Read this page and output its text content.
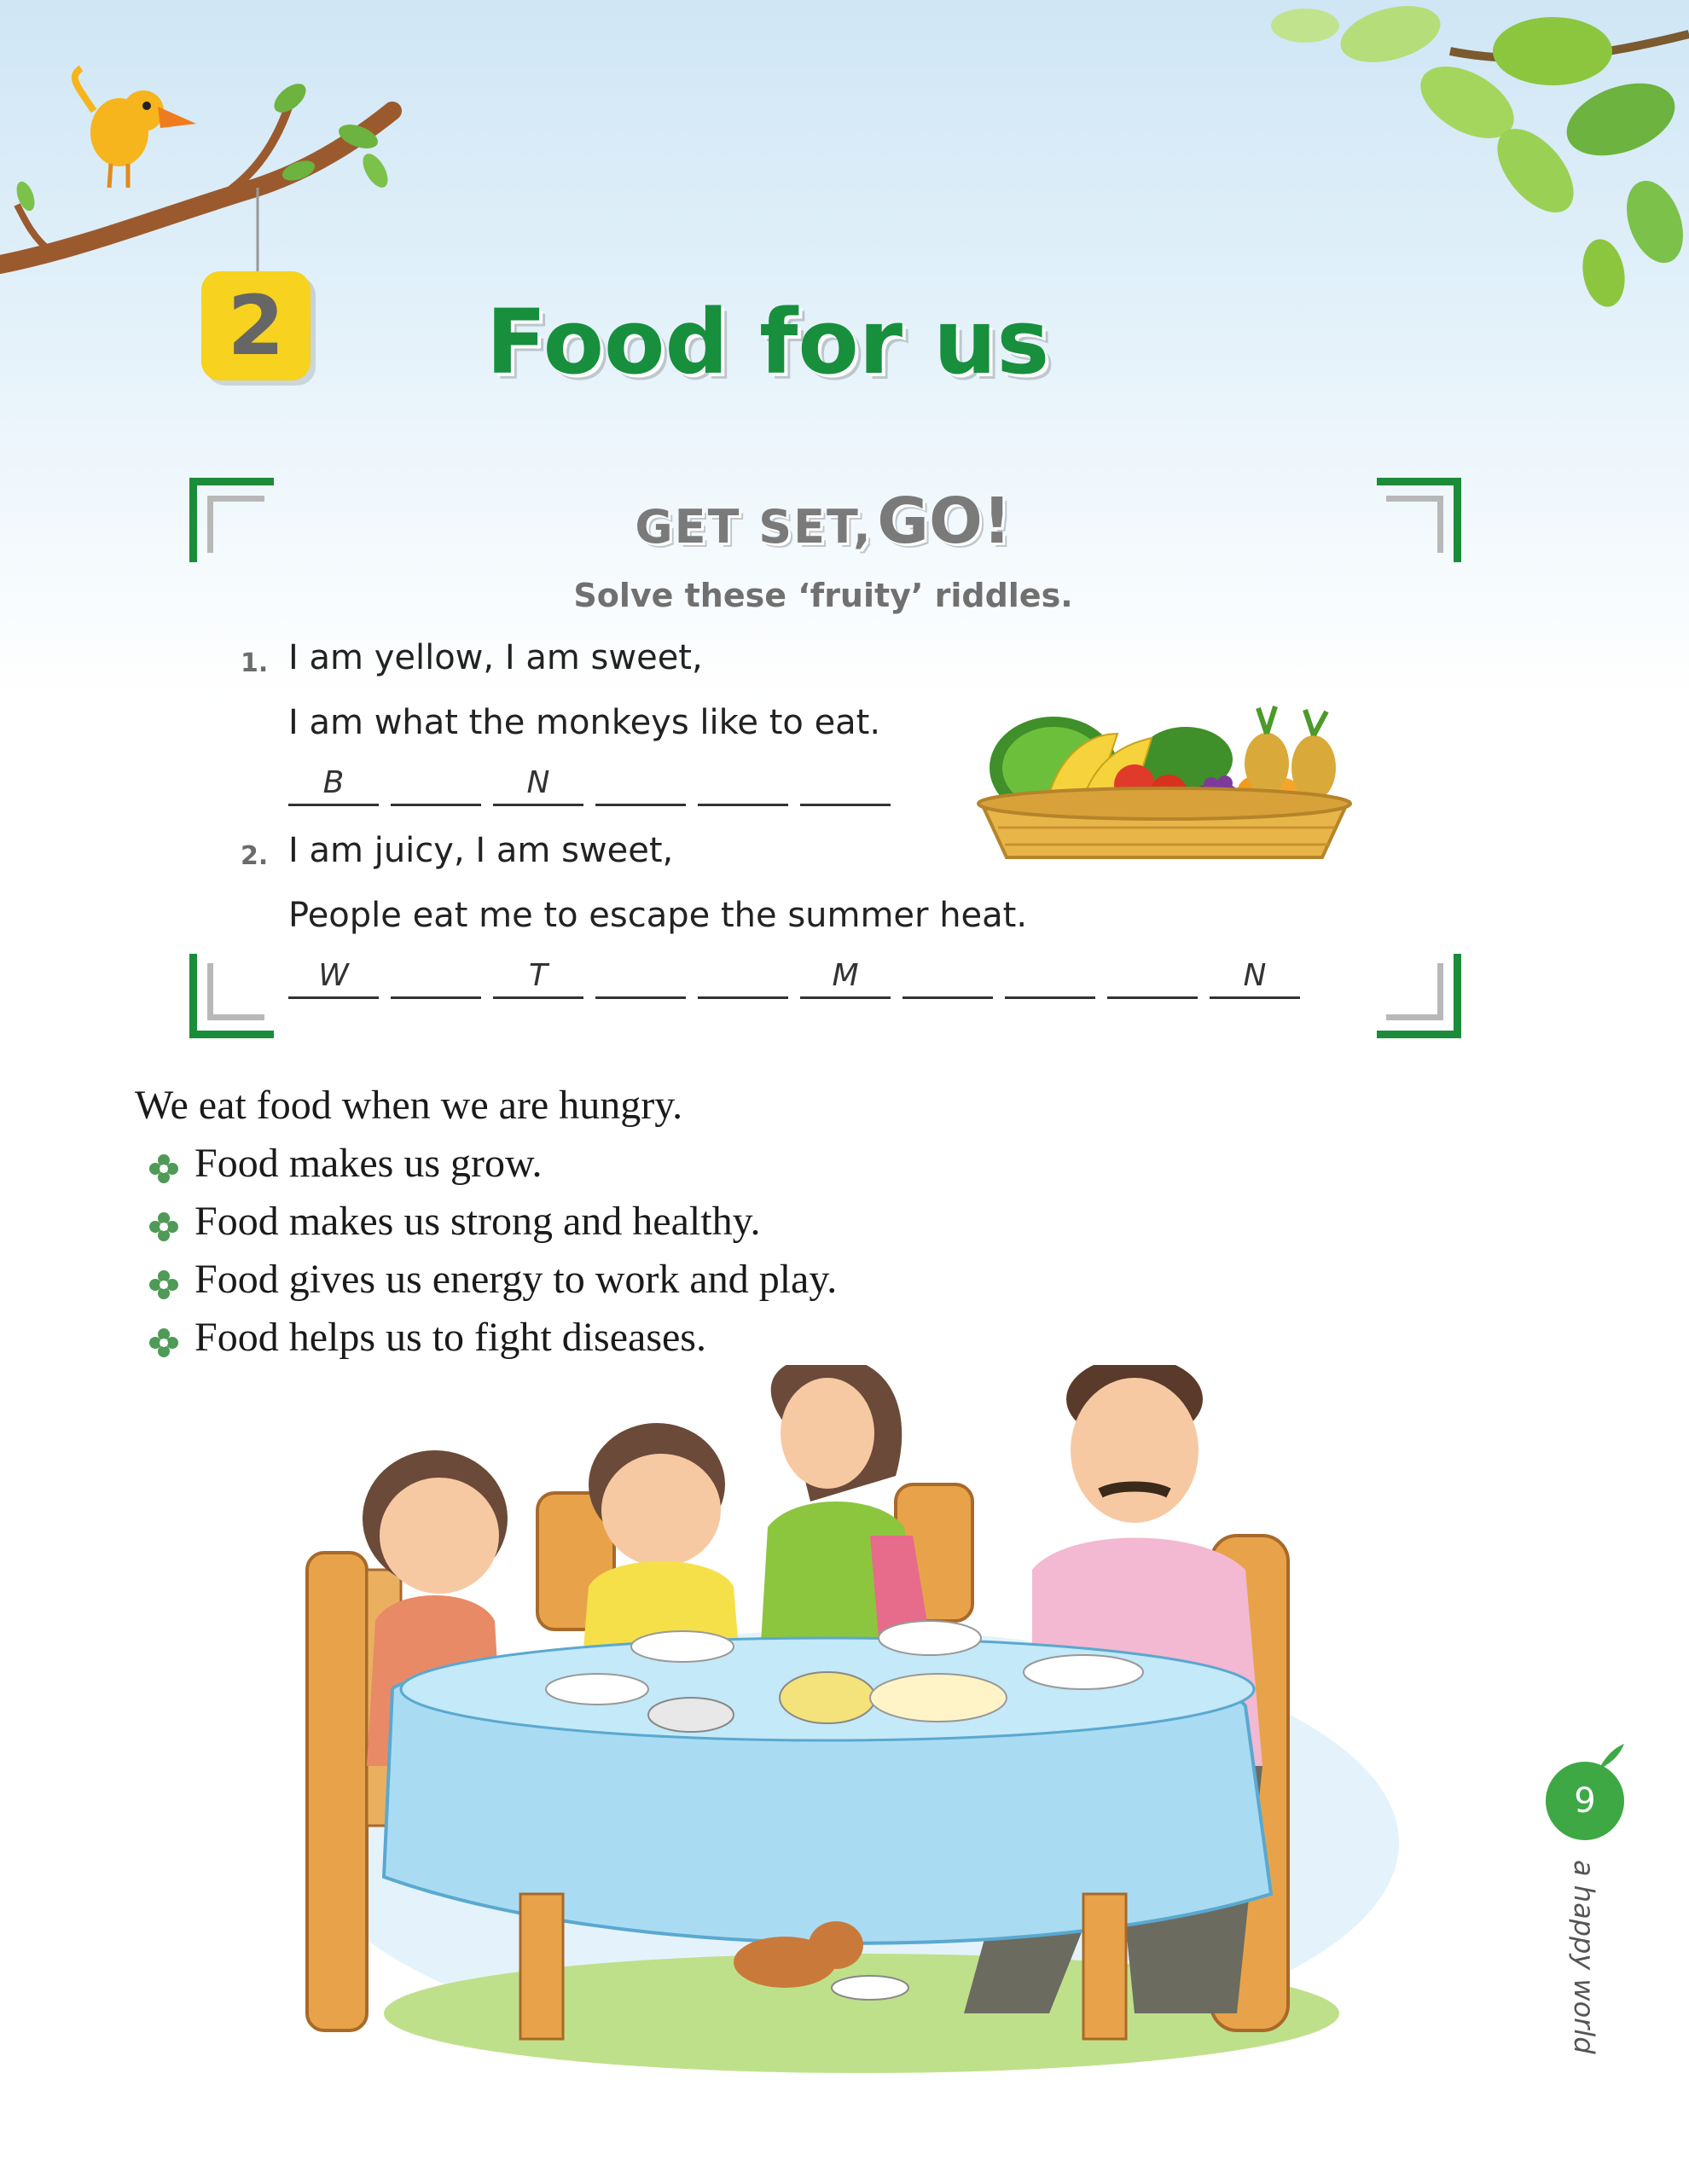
2	Food for us
GET SET, GO!
Solve these ‘fruity’ riddles.
1. I am yellow, I am sweet,
I am what the monkeys like to eat.
B	N
2. I am juicy, I am sweet,
People eat me to escape the summer heat.
W	T	M	N
We eat food when we are hungry.
Food makes us grow.
Food makes us strong and healthy.
Food gives us energy to work and play.
Food helps us to fight diseases.
9
a happy world
